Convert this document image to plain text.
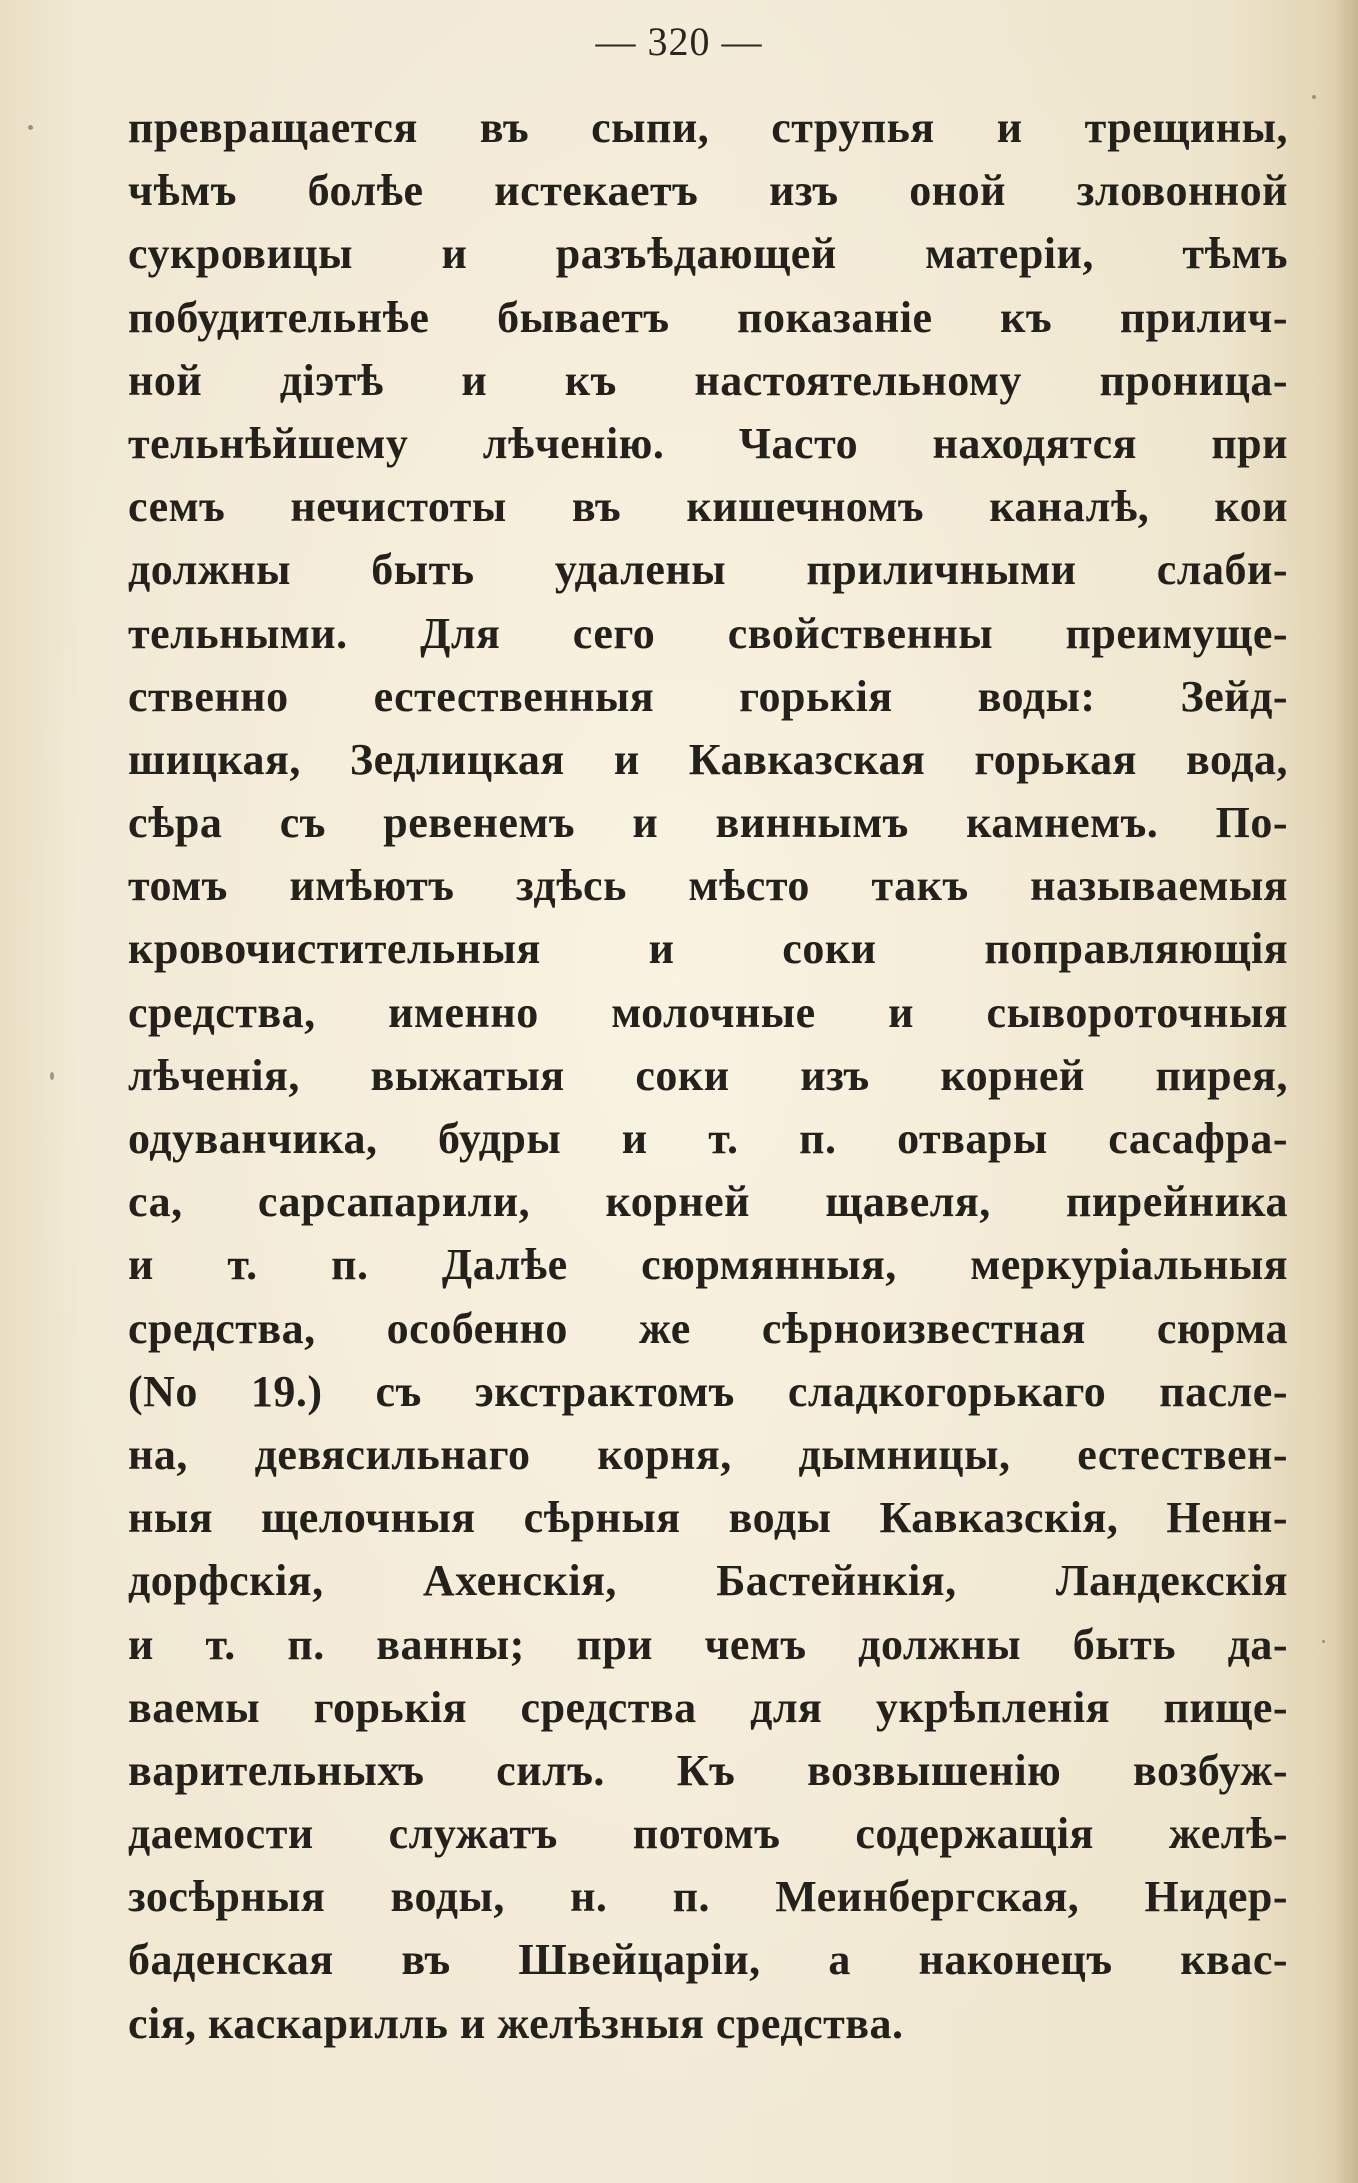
— 320 —
превращается въ сыпи, струпья и трещины,
чѣмъ болѣе истекаетъ изъ оной зловонной
сукровицы и разъѣдающей матеріи, тѣмъ
побудительнѣе бываетъ показаніе къ прилич-
ной діэтѣ и къ настоятельному проница-
тельнѣйшему лѣченію. Часто находятся при
семъ нечистоты въ кишечномъ каналѣ, кои
должны быть удалены приличными слаби-
тельными. Для сего свойственны преимуще-
ственно естественныя горькія воды: Зейд-
шицкая, Зедлицкая и Кавказская горькая вода,
сѣра съ ревенемъ и виннымъ камнемъ. По-
томъ имѣютъ здѣсь мѣсто такъ называемыя
кровочистительныя и соки поправляющія
средства, именно молочные и сывороточныя
лѣченія, выжатыя соки изъ корней пирея,
одуванчика, будры и т. п. отвары сасафра-
са, сарсапарили, корней щавеля, пирейника
и т. п. Далѣе сюрмянныя, меркуріальныя
средства, особенно же сѣрноизвестная сюрма
(No 19.) съ экстрактомъ сладкогорькаго пасле-
на, девясильнаго корня, дымницы, естествен-
ныя щелочныя сѣрныя воды Кавказскія, Ненн-
дорфскія, Ахенскія, Бастейнкія, Ландекскія
и т. п. ванны; при чемъ должны быть да-
ваемы горькія средства для укрѣпленія пище-
варительныхъ силъ. Къ возвышенію возбуж-
даемости служатъ потомъ содержащія желѣ-
зосѣрныя воды, н. п. Меинбергская, Нидер-
баденская въ Швейцаріи, а наконецъ квас-
сія, каскарилль и желѣзныя средства.
